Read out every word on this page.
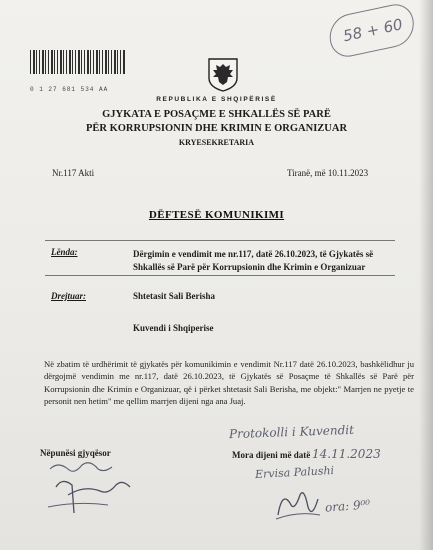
0 1 27 681 534 AA
58 + 60
REPUBLIKA E SHQIPËRISË
GJYKATA E POSAÇME E SHKALLËS SË PARË
PËR KORRUPSIONIN DHE KRIMIN E ORGANIZUAR
KRYESEKRETARIA
Nr.117 Akti	Tiranë, më 10.11.2023
DËFTESË KOMUNIKIMI
Lënda:	Dërgimin e vendimit me nr.117, datë 26.10.2023, të Gjykatës së Shkallës së Parë për Korrupsionin dhe Krimin e Organizuar
Drejtuar:	Shtetasit Sali Berisha
Kuvendi i Shqiperise
Në zbatim të urdhërimit të gjykatës për komunikimin e vendimit Nr.117 datë 26.10.2023, bashkëlidhur ju dërgojmë vendimin me nr.117, datë 26.10.2023, të Gjykatës së Posaçme të Shkallës së Parë për Korrupsionin dhe Krimin e Organizuar, që i përket shtetasit Sali Berisha, me objekt:" Marrjen ne pyetje te personit nen hetim" me qellim marrjen dijeni nga ana Juaj.
Nëpunësi gjyqësor
Protokolli i Kuvendit
Mora dijeni më datë 14.11.2023
Ervisa Palushi
ora: 9⁰⁰
